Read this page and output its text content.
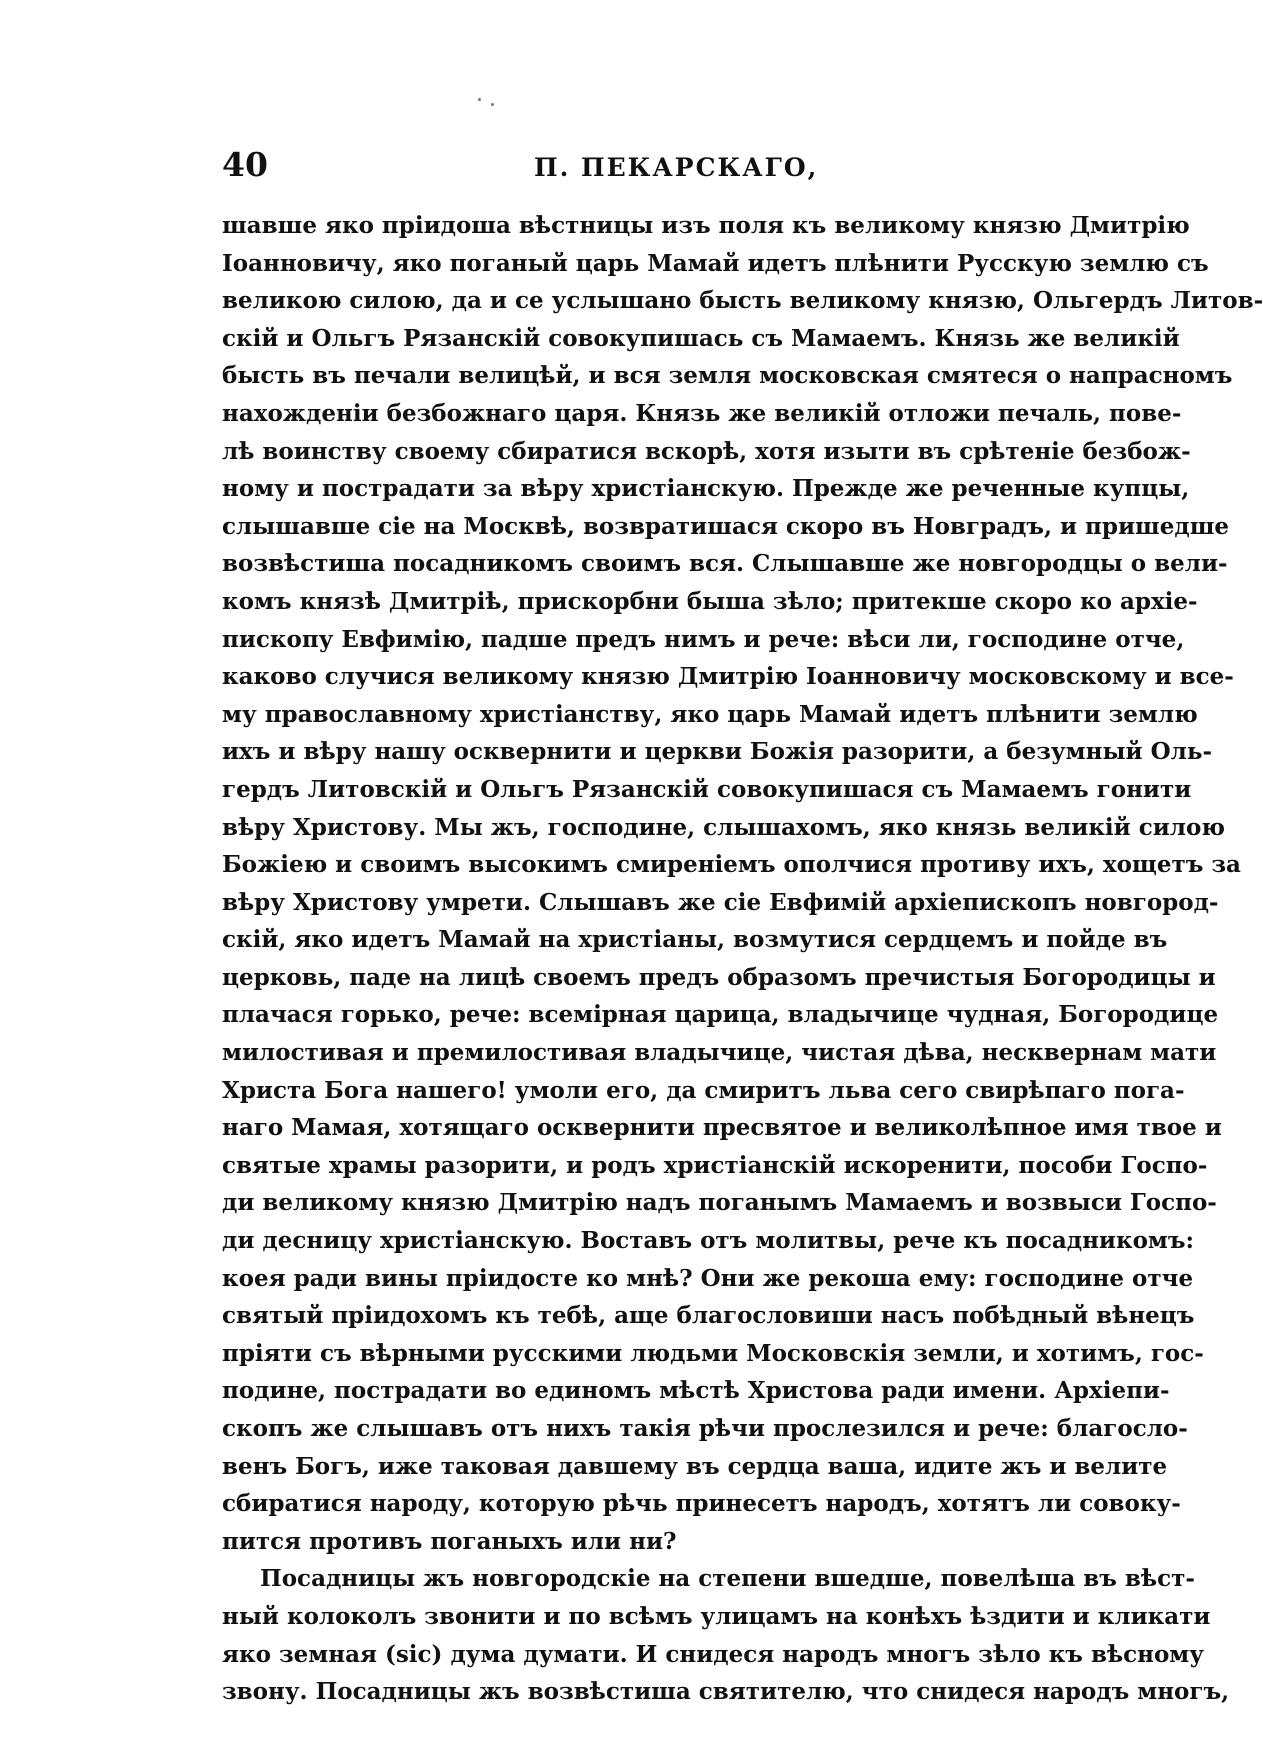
40	П. ПЕКАРСКАГО,
шавше яко пріидоша вѣстницы изъ поля къ великому князю Дмитрію
Іоанновичу, яко поганый царь Мамай идетъ плѣнити Русскую землю съ
великою силою, да и се услышано бысть великому князю, Ольгердъ Литов-
скій и Ольгъ Рязанскій совокупишась съ Мамаемъ. Князь же великій
бысть въ печали велицѣй, и вся земля московская смятеся о напрасномъ
нахожденіи безбожнаго царя. Князь же великій отложи печаль, пове-
лѣ воинству своему сбиратися вскорѣ, хотя изыти въ срѣтеніе безбож-
ному и пострадати за вѣру христіанскую. Прежде же реченные купцы,
слышавше сіе на Москвѣ, возвратишася скоро въ Новградъ, и пришедше
возвѣстиша посадникомъ своимъ вся. Слышавше же новгородцы о вели-
комъ князѣ Дмитріѣ, прискорбни быша зѣло; притекше скоро ко архіе-
пископу Евфимію, падше предъ нимъ и рече: вѣси ли, господине отче,
каково случися великому князю Дмитрію Іоанновичу московскому и все-
му православному христіанству, яко царь Мамай идетъ плѣнити землю
ихъ и вѣру нашу осквернити и церкви Божія разорити, а безумный Оль-
гердъ Литовскій и Ольгъ Рязанскій совокупишася съ Мамаемъ гонити
вѣру Христову. Мы жъ, господине, слышахомъ, яко князь великій силою
Божіею и своимъ высокимъ смиреніемъ ополчися противу ихъ, хощетъ за
вѣру Христову умрети. Слышавъ же сіе Евфимій архіепископъ новгород-
скій, яко идетъ Мамай на христіаны, возмутися сердцемъ и пойде въ
церковь, паде на лицѣ своемъ предъ образомъ пречистыя Богородицы и
плачася горько, рече: всемірная царица, владычице чудная, Богородице
милостивая и премилостивая владычице, чистая дѣва, несквернам мати
Христа Бога нашего! умоли его, да смиритъ льва сего свирѣпаго пога-
наго Мамая, хотящаго осквернити пресвятое и великолѣпное имя твое и
святые храмы разорити, и родъ христіанскій искоренити, пособи Госпо-
ди великому князю Дмитрію надъ поганымъ Мамаемъ и возвыси Госпо-
ди десницу христіанскую. Воставъ отъ молитвы, рече къ посадникомъ:
коея ради вины пріидосте ко мнѣ? Они же рекоша ему: господине отче
святый пріидохомъ къ тебѣ, аще благословиши насъ побѣдный вѣнецъ
пріяти съ вѣрными русскими людьми Московскія земли, и хотимъ, гос-
подине, пострадати во единомъ мѣстѣ Христова ради имени. Архіепи-
скопъ же слышавъ отъ нихъ такія рѣчи прослезился и рече: благосло-
венъ Богъ, иже таковая давшему въ сердца ваша, идите жъ и велите
сбиратися народу, которую рѣчь принесетъ народъ, хотятъ ли совоку-
пится противъ поганыхъ или ни?
Посадницы жъ новгородскіе на степени вшедше, повелѣша въ вѣст-
ный колоколъ звонити и по всѣмъ улицамъ на конѣхъ ѣздити и кликати
яко земная (sic) дума думати. И снидеся народъ многъ зѣло къ вѣсному
звону. Посадницы жъ возвѣстиша святителю, что снидеся народъ многъ,
